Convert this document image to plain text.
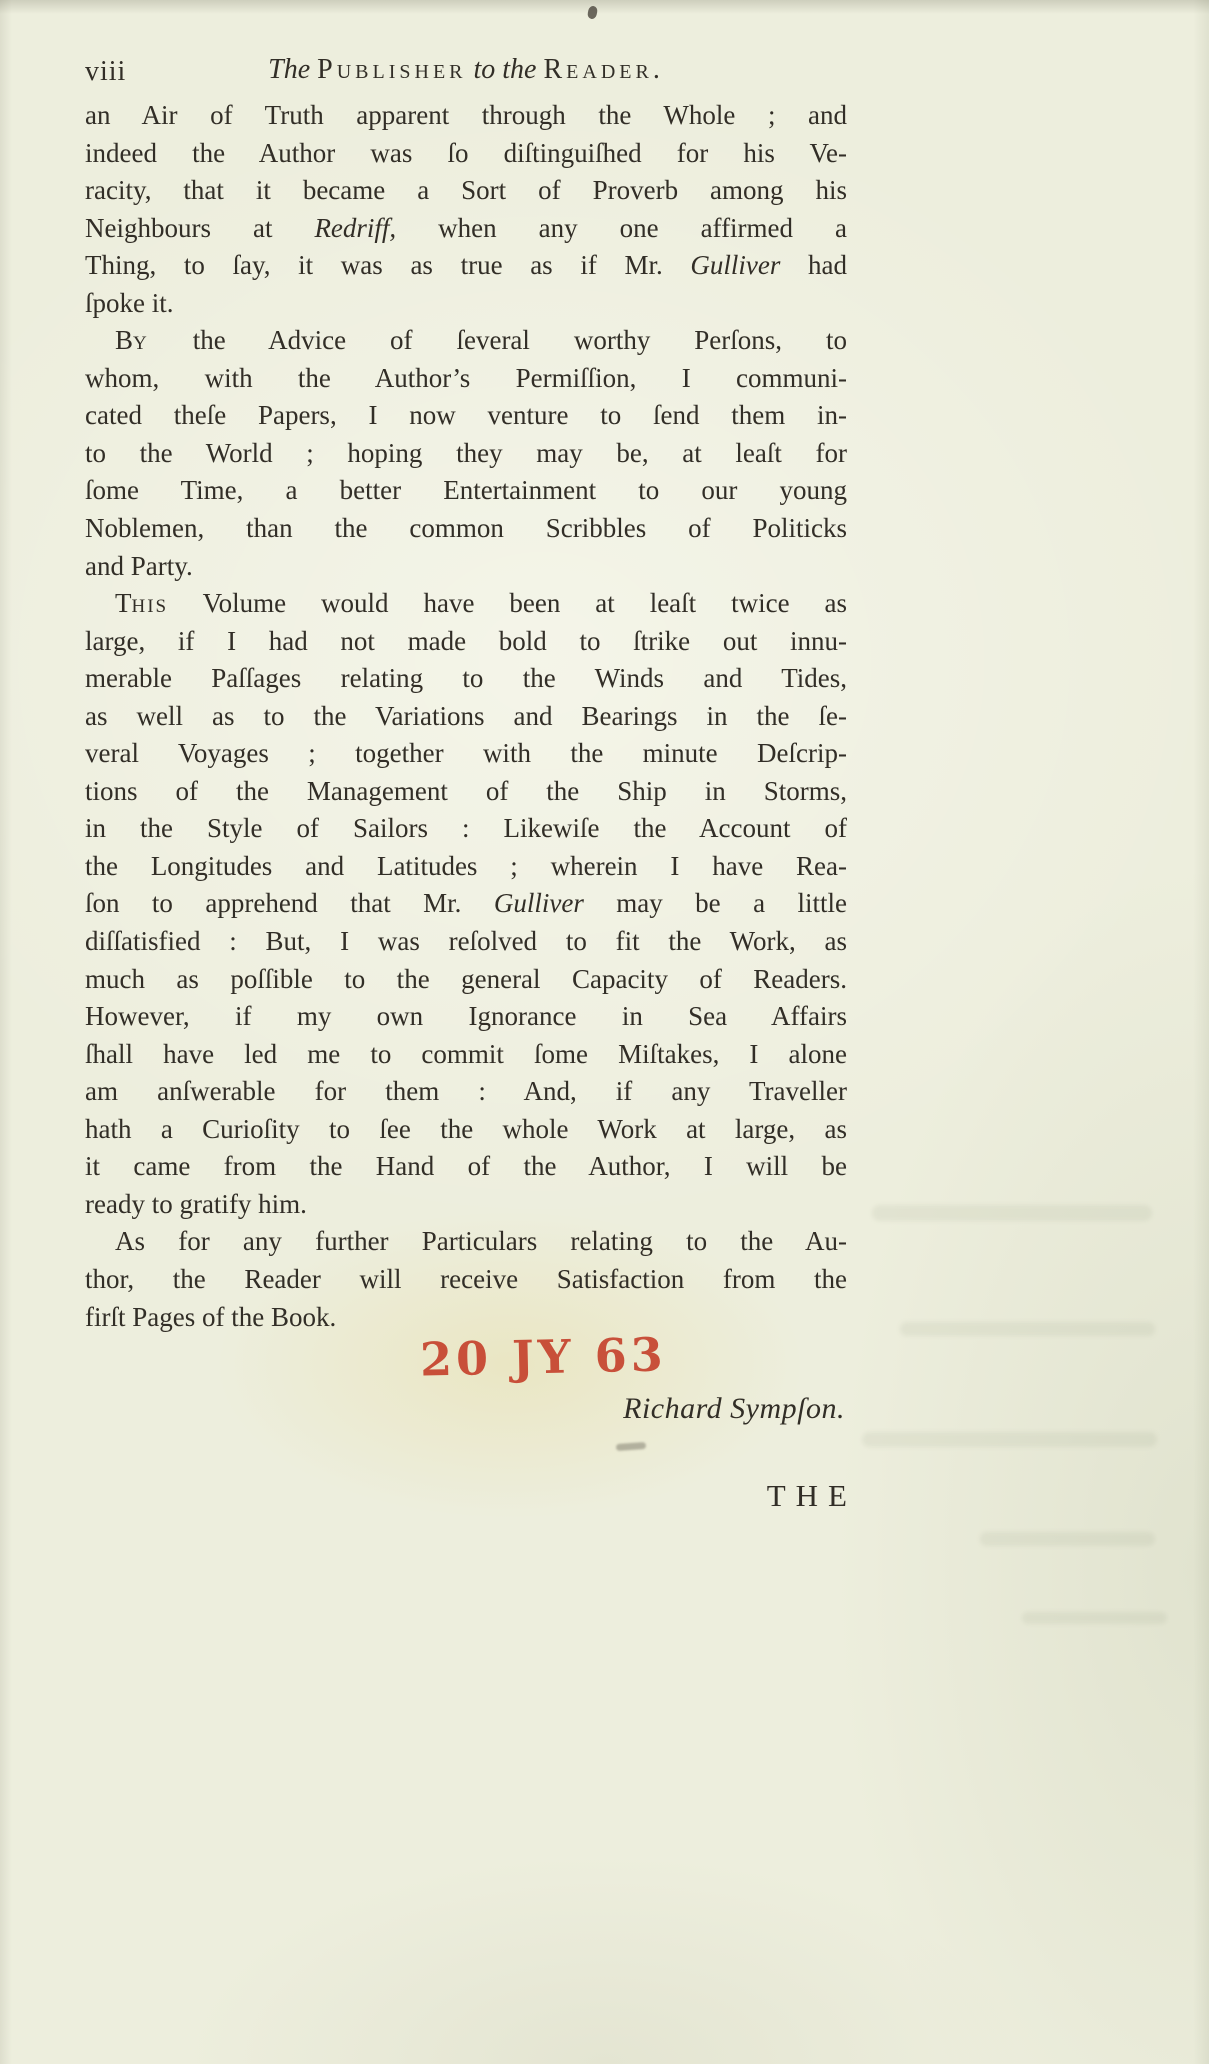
viii	The Publisher to the Reader.
an Air of Truth apparent through the Whole ; and
indeed the Author was ſo diſtinguiſhed for his Ve-
racity, that it became a Sort of Proverb among his
Neighbours at Redriff, when any one affirmed a
Thing, to ſay, it was as true as if Mr. Gulliver had
ſpoke it.
By the Advice of ſeveral worthy Perſons, to
whom, with the Author’s Permiſſion, I communi-
cated theſe Papers, I now venture to ſend them in-
to the World ; hoping they may be, at leaſt for
ſome Time, a better Entertainment to our young
Noblemen, than the common Scribbles of Politicks
and Party.
This Volume would have been at leaſt twice as
large, if I had not made bold to ſtrike out innu-
merable Paſſages relating to the Winds and Tides,
as well as to the Variations and Bearings in the ſe-
veral Voyages ; together with the minute Deſcrip-
tions of the Management of the Ship in Storms,
in the Style of Sailors : Likewiſe the Account of
the Longitudes and Latitudes ; wherein I have Rea-
ſon to apprehend that Mr. Gulliver may be a little
diſſatisfied : But, I was reſolved to fit the Work, as
much as poſſible to the general Capacity of Readers.
However, if my own Ignorance in Sea Affairs
ſhall have led me to commit ſome Miſtakes, I alone
am anſwerable for them : And, if any Traveller
hath a Curioſity to ſee the whole Work at large, as
it came from the Hand of the Author, I will be
ready to gratify him.
As for any further Particulars relating to the Au-
thor, the Reader will receive Satisfaction from the
firſt Pages of the Book.
20 JY 63
Richard Sympſon.
THE
